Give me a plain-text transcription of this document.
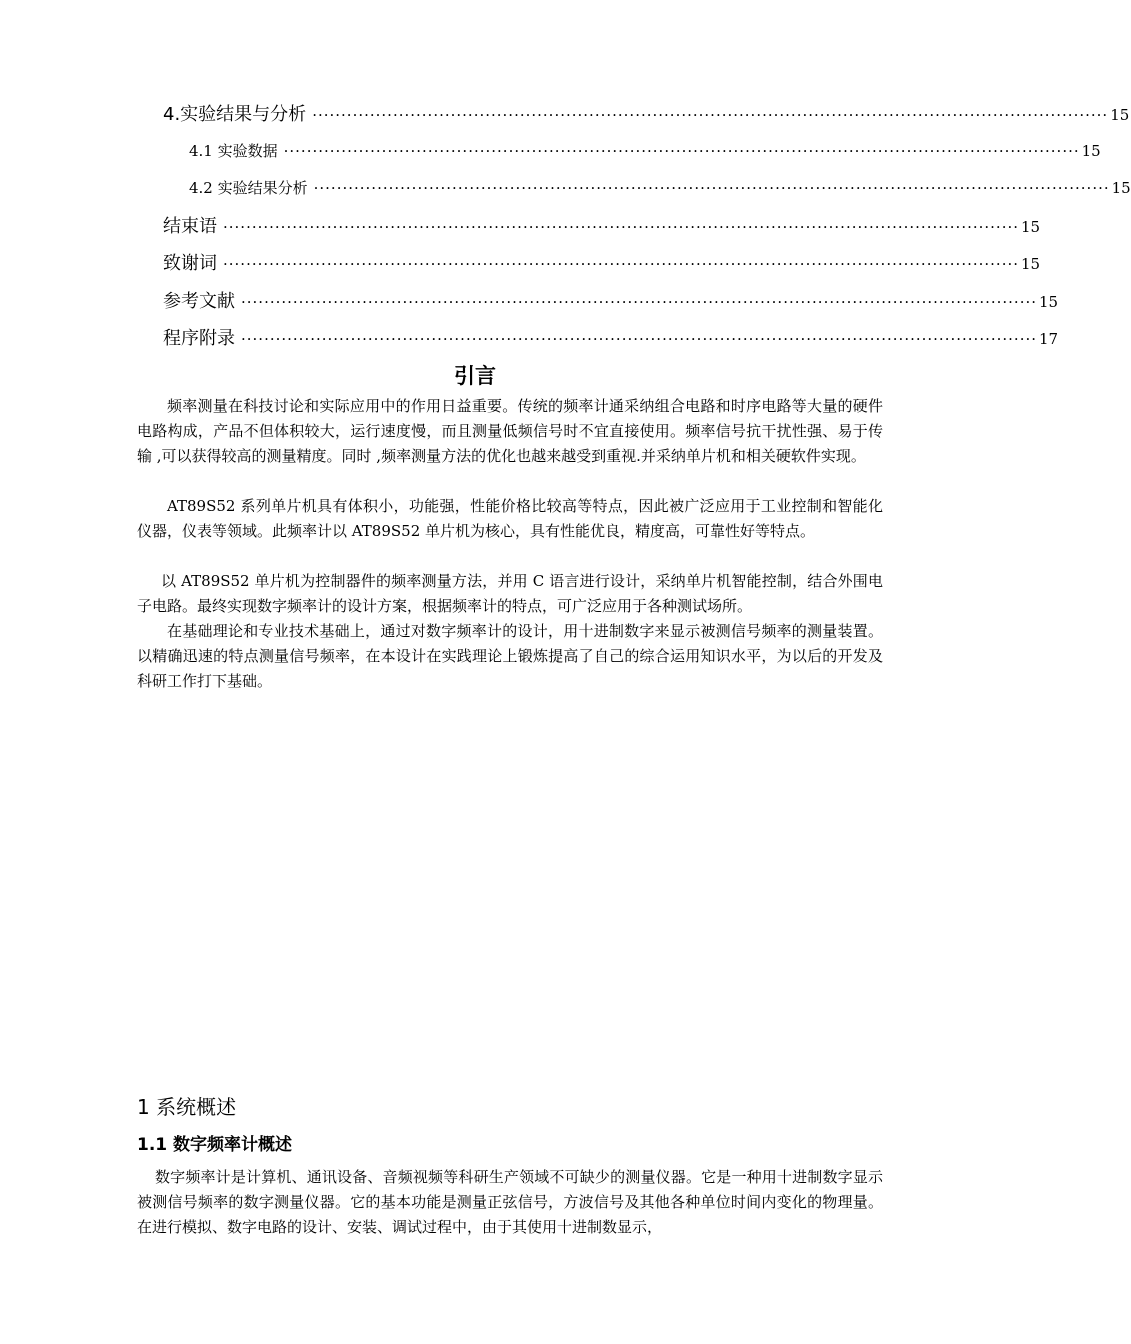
4.实验结果与分析 ·········································································································································· 15
4.1 实验数据 ·········································································································································· 15
4.2 实验结果分析 ·········································································································································· 15
结束语 ·········································································································································· 15
致谢词 ·········································································································································· 15
参考文献 ·········································································································································· 15
程序附录 ·········································································································································· 17
引言

频率测量在科技讨论和实际应用中的作用日益重要。传统的频率计通采纳组合电路和时序电路等大量的硬件电路构成，产品不但体积较大，运行速度慢，而且测量低频信号时不宜直接使用。频率信号抗干扰性强、易于传输 ,可以获得较高的测量精度。同时 ,频率测量方法的优化也越来越受到重视.并采纳单片机和相关硬软件实现。

AT89S52 系列单片机具有体积小，功能强，性能价格比较高等特点，因此被广泛应用于工业控制和智能化仪器，仪表等领域。此频率计以 AT89S52 单片机为核心，具有性能优良，精度高，可靠性好等特点。

以 AT89S52 单片机为控制器件的频率测量方法，并用 C 语言进行设计，采纳单片机智能控制，结合外围电子电路。最终实现数字频率计的设计方案，根据频率计的特点，可广泛应用于各种测试场所。

在基础理论和专业技术基础上，通过对数字频率计的设计，用十进制数字来显示被测信号频率的测量装置。以精确迅速的特点测量信号频率，在本设计在实践理论上锻炼提高了自己的综合运用知识水平，为以后的开发及科研工作打下基础。

1 系统概述
1.1 数字频率计概述

数字频率计是计算机、通讯设备、音频视频等科研生产领域不可缺少的测量仪器。它是一种用十进制数字显示被测信号频率的数字测量仪器。它的基本功能是测量正弦信号，方波信号及其他各种单位时间内变化的物理量。在进行模拟、数字电路的设计、安装、调试过程中，由于其使用十进制数显示，
